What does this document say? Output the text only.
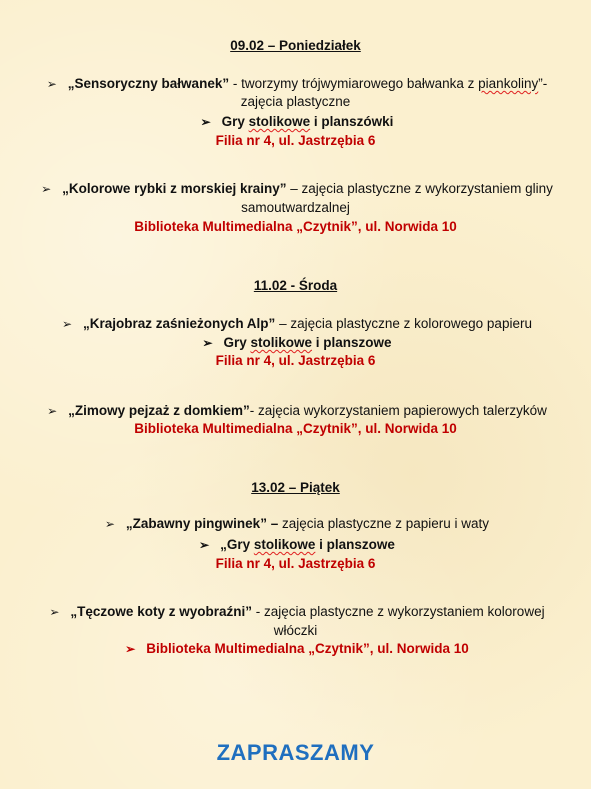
09.02 – Poniedziałek
➢ „Sensoryczny bałwanek” - tworzymy trójwymiarowego bałwanka z piankoliny”-
zajęcia plastyczne
➢ Gry stolikowe i planszówki
Filia nr 4, ul. Jastrzębia 6
➢ „Kolorowe rybki z morskiej krainy” – zajęcia plastyczne z wykorzystaniem gliny
samoutwardzalnej
Biblioteka Multimedialna „Czytnik”, ul. Norwida 10
11.02 - Środa
➢ „Krajobraz zaśnieżonych Alp” – zajęcia plastyczne z kolorowego papieru
➢ Gry stolikowe i planszowe
Filia nr 4, ul. Jastrzębia 6
➢ „Zimowy pejzaż z domkiem”- zajęcia wykorzystaniem papierowych talerzyków
Biblioteka Multimedialna „Czytnik”, ul. Norwida 10
13.02 – Piątek
➢ „Zabawny pingwinek” – zajęcia plastyczne z papieru i waty
➢ „Gry stolikowe i planszowe
Filia nr 4, ul. Jastrzębia 6
➢ „Tęczowe koty z wyobraźni” - zajęcia plastyczne z wykorzystaniem kolorowej
włóczki
➢ Biblioteka Multimedialna „Czytnik”, ul. Norwida 10
ZAPRASZAMY
